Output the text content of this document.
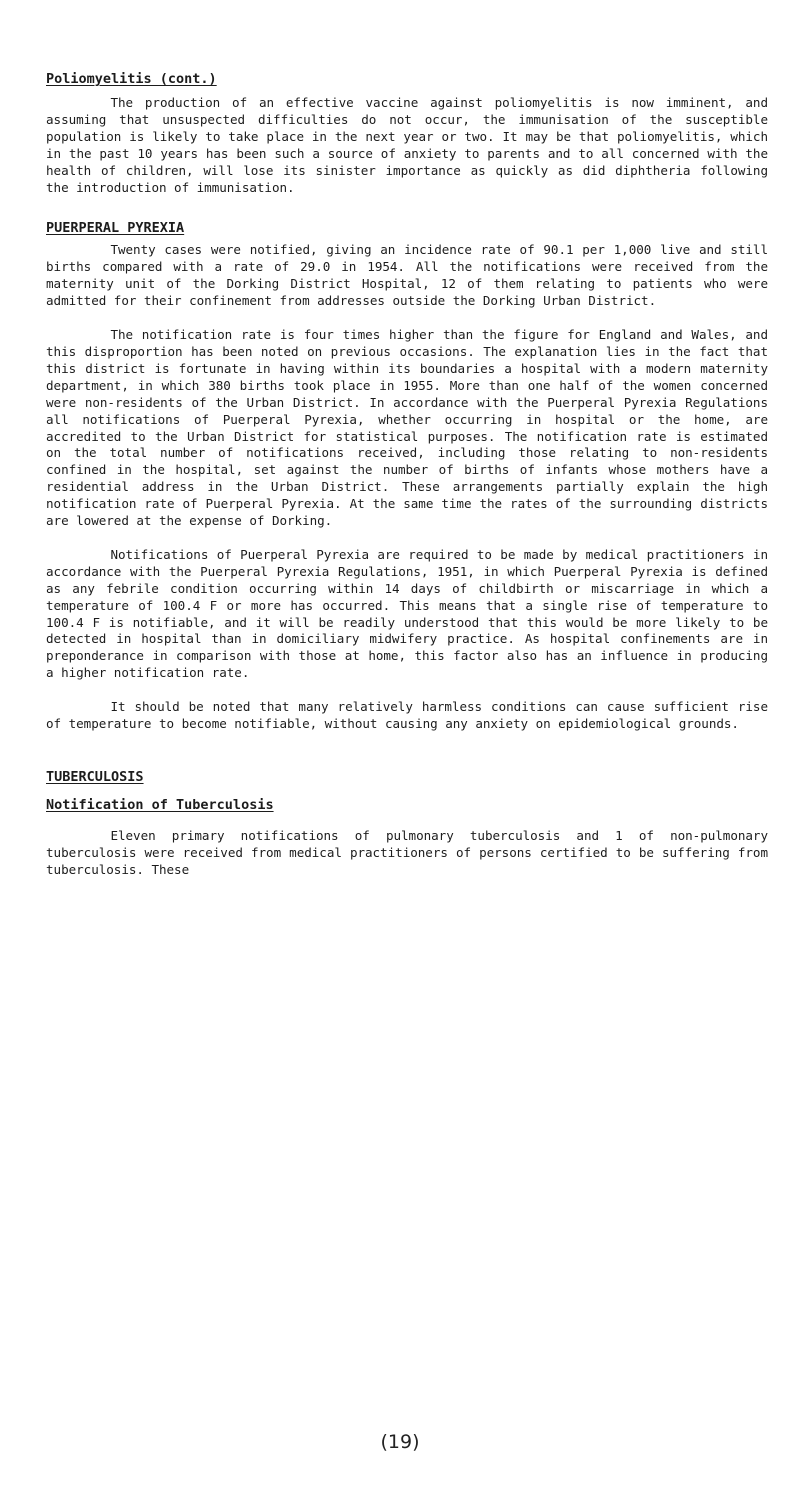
Poliomyelitis (cont.)

The production of an effective vaccine against poliomyelitis is now imminent, and assuming that unsuspected difficulties do not occur, the immunisation of the susceptible population is likely to take place in the next year or two. It may be that poliomyelitis, which in the past 10 years has been such a source of anxiety to parents and to all concerned with the health of children, will lose its sinister importance as quickly as did diphtheria following the introduction of immunisation.

PUERPERAL PYREXIA

Twenty cases were notified, giving an incidence rate of 90.1 per 1,000 live and still births compared with a rate of 29.0 in 1954. All the notifications were received from the maternity unit of the Dorking District Hospital, 12 of them relating to patients who were admitted for their confinement from addresses outside the Dorking Urban District.

The notification rate is four times higher than the figure for England and Wales, and this disproportion has been noted on previous occasions. The explanation lies in the fact that this district is fortunate in having within its boundaries a hospital with a modern maternity department, in which 380 births took place in 1955. More than one half of the women concerned were non-residents of the Urban District. In accordance with the Puerperal Pyrexia Regulations all notifications of Puerperal Pyrexia, whether occurring in hospital or the home, are accredited to the Urban District for statistical purposes. The notification rate is estimated on the total number of notifications received, including those relating to non-residents confined in the hospital, set against the number of births of infants whose mothers have a residential address in the Urban District. These arrangements partially explain the high notification rate of Puerperal Pyrexia. At the same time the rates of the surrounding districts are lowered at the expense of Dorking.

Notifications of Puerperal Pyrexia are required to be made by medical practitioners in accordance with the Puerperal Pyrexia Regulations, 1951, in which Puerperal Pyrexia is defined as any febrile condition occurring within 14 days of childbirth or miscarriage in which a temperature of 100.4 F or more has occurred. This means that a single rise of temperature to 100.4 F is notifiable, and it will be readily understood that this would be more likely to be detected in hospital than in domiciliary midwifery practice. As hospital confinements are in preponderance in comparison with those at home, this factor also has an influence in producing a higher notification rate.

It should be noted that many relatively harmless conditions can cause sufficient rise of temperature to become notifiable, without causing any anxiety on epidemiological grounds.

TUBERCULOSIS
Notification of Tuberculosis

Eleven primary notifications of pulmonary tuberculosis and 1 of non-pulmonary tuberculosis were received from medical practitioners of persons certified to be suffering from tuberculosis. These

(19)
